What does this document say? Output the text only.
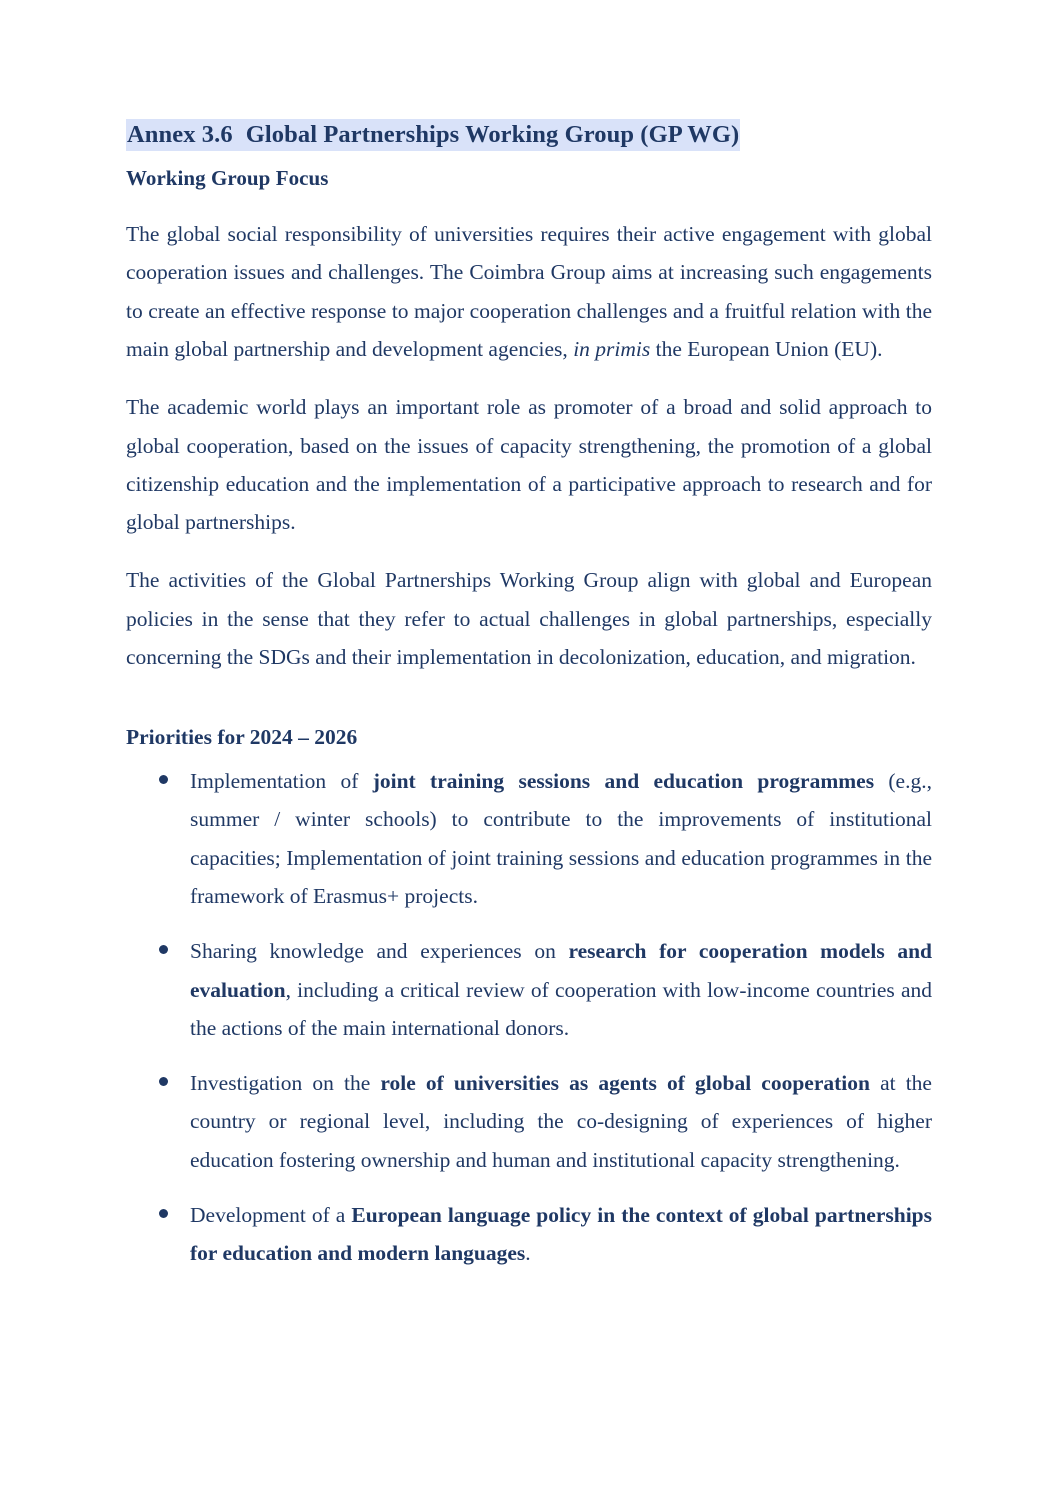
Annex 3.6 Global Partnerships Working Group (GP WG)
Working Group Focus

The global social responsibility of universities requires their active engagement with global cooperation issues and challenges. The Coimbra Group aims at increasing such engagements to create an effective response to major cooperation challenges and a fruitful relation with the main global partnership and development agencies, in primis the European Union (EU).

The academic world plays an important role as promoter of a broad and solid approach to global cooperation, based on the issues of capacity strengthening, the promotion of a global citizenship education and the implementation of a participative approach to research and for global partnerships.

The activities of the Global Partnerships Working Group align with global and European policies in the sense that they refer to actual challenges in global partnerships, especially concerning the SDGs and their implementation in decolonization, education, and migration.

Priorities for 2024 – 2026
Implementation of joint training sessions and education programmes (e.g., summer / winter schools) to contribute to the improvements of institutional capacities; Implementation of joint training sessions and education programmes in the framework of Erasmus+ projects.
Sharing knowledge and experiences on research for cooperation models and evaluation, including a critical review of cooperation with low-income countries and the actions of the main international donors.
Investigation on the role of universities as agents of global cooperation at the country or regional level, including the co-designing of experiences of higher education fostering ownership and human and institutional capacity strengthening.
Development of a European language policy in the context of global partnerships for education and modern languages.
